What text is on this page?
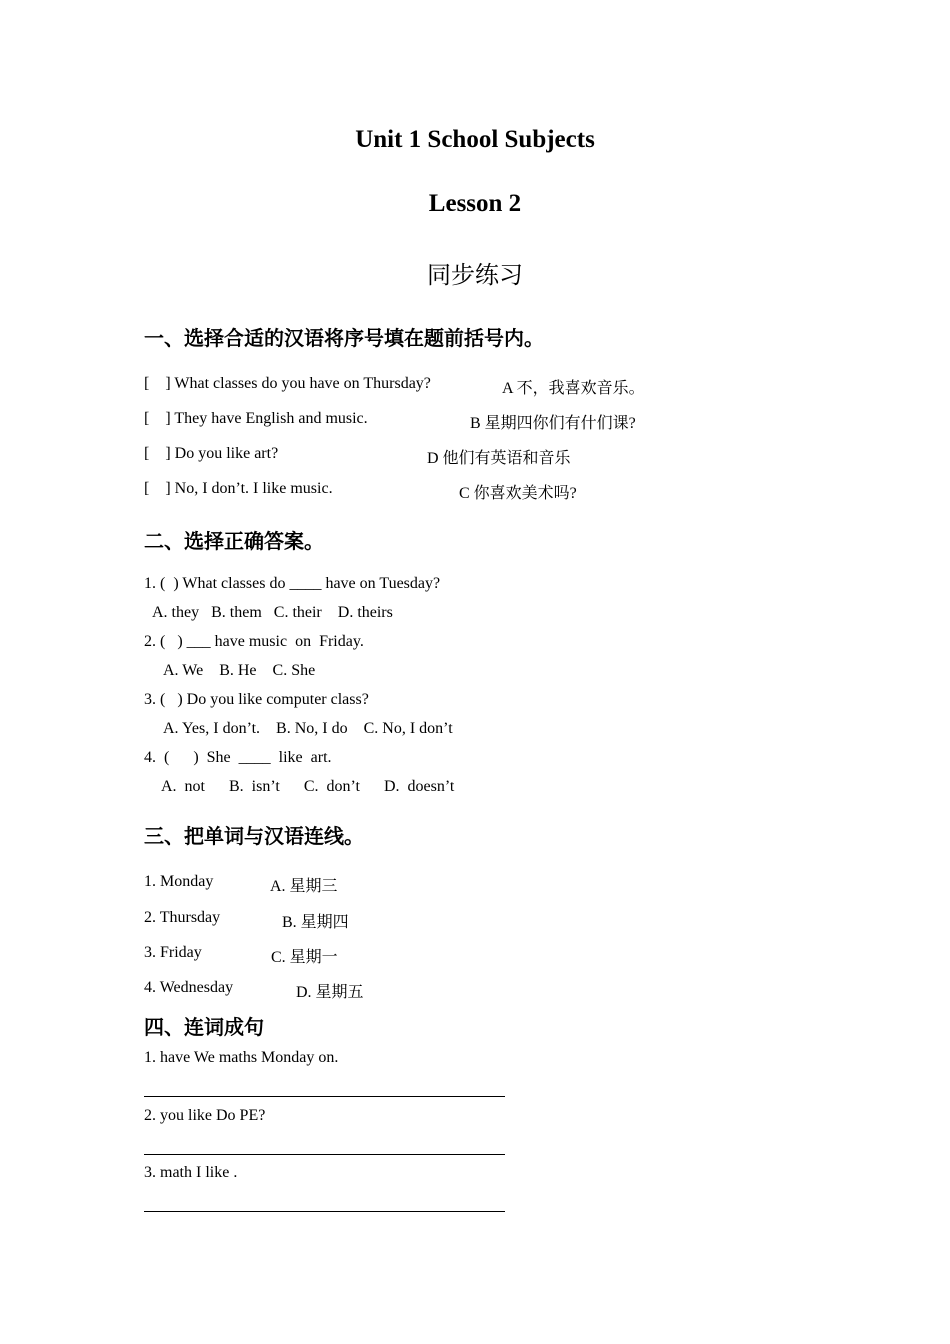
Unit 1 School Subjects
Lesson 2
同步练习
一、选择合适的汉语将序号填在题前括号内。
[    ] What classes do you have on Thursday?	A 不，我喜欢音乐。
[    ] They have English and music.	B 星期四你们有什们课?
[    ] Do you like art?	D 他们有英语和音乐
[    ] No, I don’t. I like music.	C 你喜欢美术吗?
二、选择正确答案。
1. (  ) What classes do ____ have on Tuesday?
A. they   B. them   C. their    D. theirs
2. (   ) ___ have music  on  Friday.
A. We    B. He    C. She
3. (   ) Do you like computer class?
A. Yes, I don’t.    B. No, I do    C. No, I don’t
4.  (      )  She  ____  like  art.
A.  not      B.  isn’t      C.  don’t      D.  doesn’t
三、把单词与汉语连线。
1. Monday	A. 星期三
2. Thursday	B. 星期四
3. Friday	C. 星期一
4. Wednesday	D. 星期五
四、连词成句
1. have We maths Monday on.
2. you like Do PE?
3. math I like .
